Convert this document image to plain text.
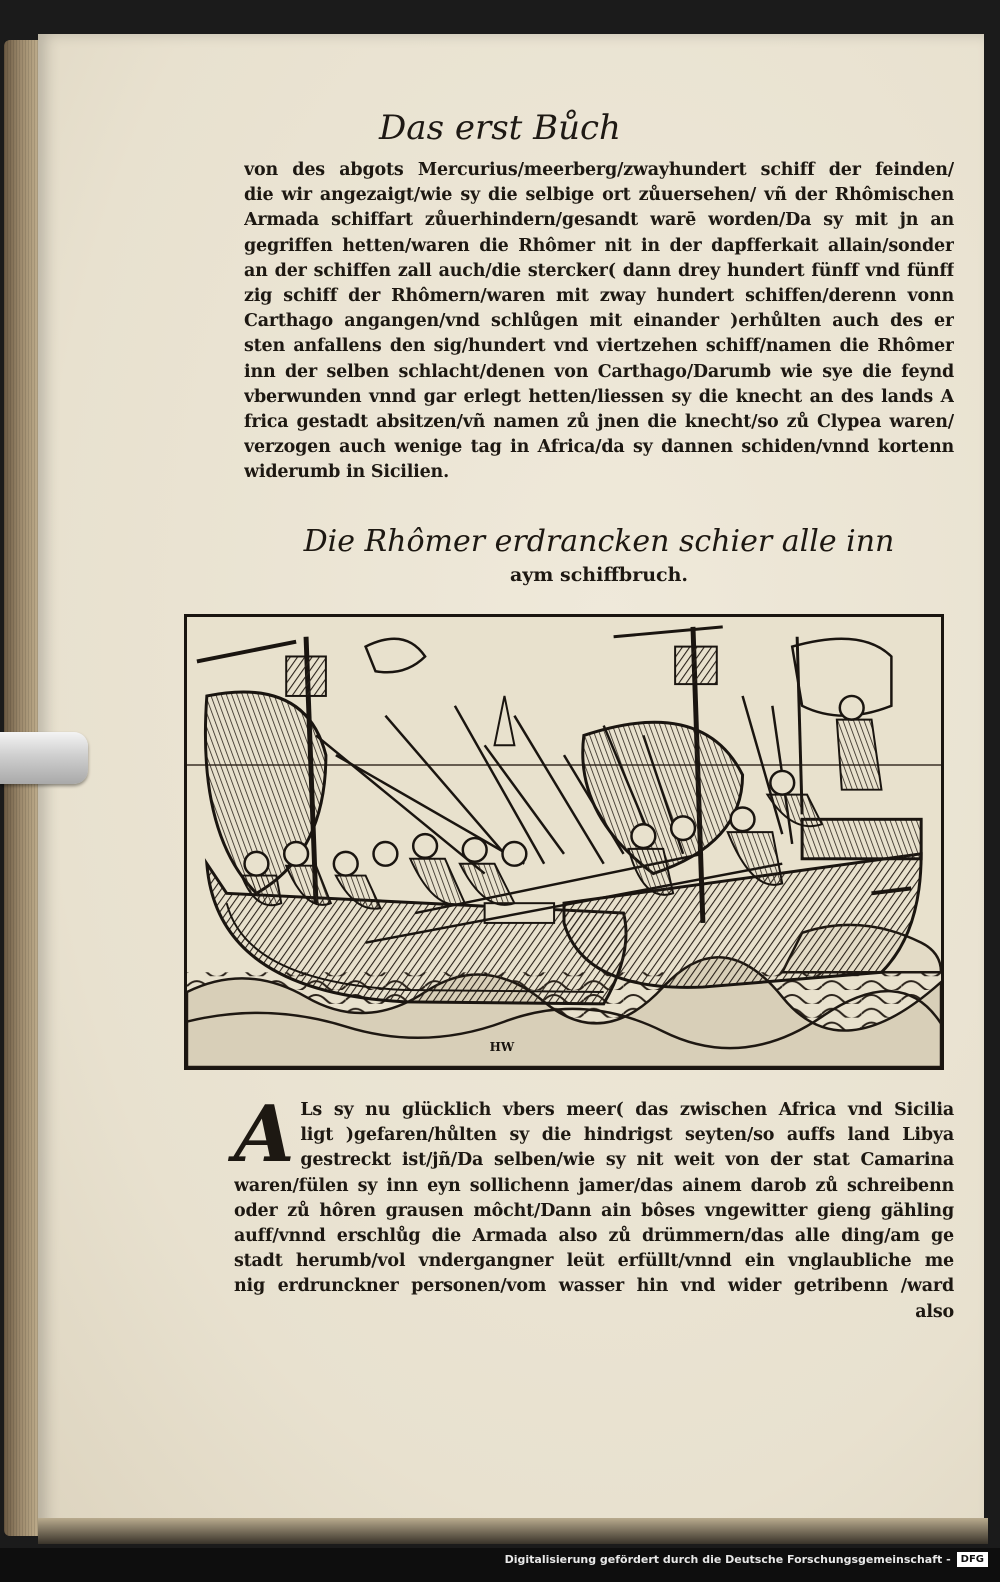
Das erst Bůch
von des abgots Mercurius/meerberg/zwayhundert schiff der feinden/
die wir angezaigt/wie sy die selbige ort zůuersehen/ vñ der Rhômischen
Armada schiffart zůuerhindern/gesandt warē worden/Da sy mit jn an
gegriffen hetten/waren die Rhômer nit in der dapfferkait allain/sonder
an der schiffen zall auch/die stercker( dann drey hundert fünff vnd fünff
zig schiff der Rhômern/waren mit zway hundert schiffen/derenn vonn
Carthago angangen/vnd schlůgen mit einander )erhůlten auch des er
sten anfallens den sig/hundert vnd viertzehen schiff/namen die Rhômer
inn der selben schlacht/denen von Carthago/Darumb wie sye die feynd
vberwunden vnnd gar erlegt hetten/liessen sy die knecht an des lands A
frica gestadt absitzen/vñ namen zů jnen die knecht/so zů Clypea waren/
verzogen auch wenige tag in Africa/da sy dannen schiden/vnnd kortenn
widerumb in Sicilien.
Die Rhômer erdrancken schier alle inn
aym schiffbruch.
HW
A Ls sy nu glücklich vbers meer( das zwischen Africa vnd Sicilia
ligt )gefaren/hůlten sy die hindrigst seyten/so auffs land Libya
gestreckt ist/jñ/Da selben/wie sy nit weit von der stat Camarina
waren/fülen sy inn eyn sollichenn jamer/das ainem darob zů schreibenn
oder zů hôren grausen môcht/Dann ain bôses vngewitter gieng gähling
auff/vnnd erschlůg die Armada also zů drümmern/das alle ding/am ge
stadt herumb/vol vndergangner leüt erfüllt/vnnd ein vnglaubliche me
nig erdrunckner personen/vom wasser hin vnd wider getribenn /ward
also
Digitalisierung gefördert durch die Deutsche Forschungsgemeinschaft -	DFG
